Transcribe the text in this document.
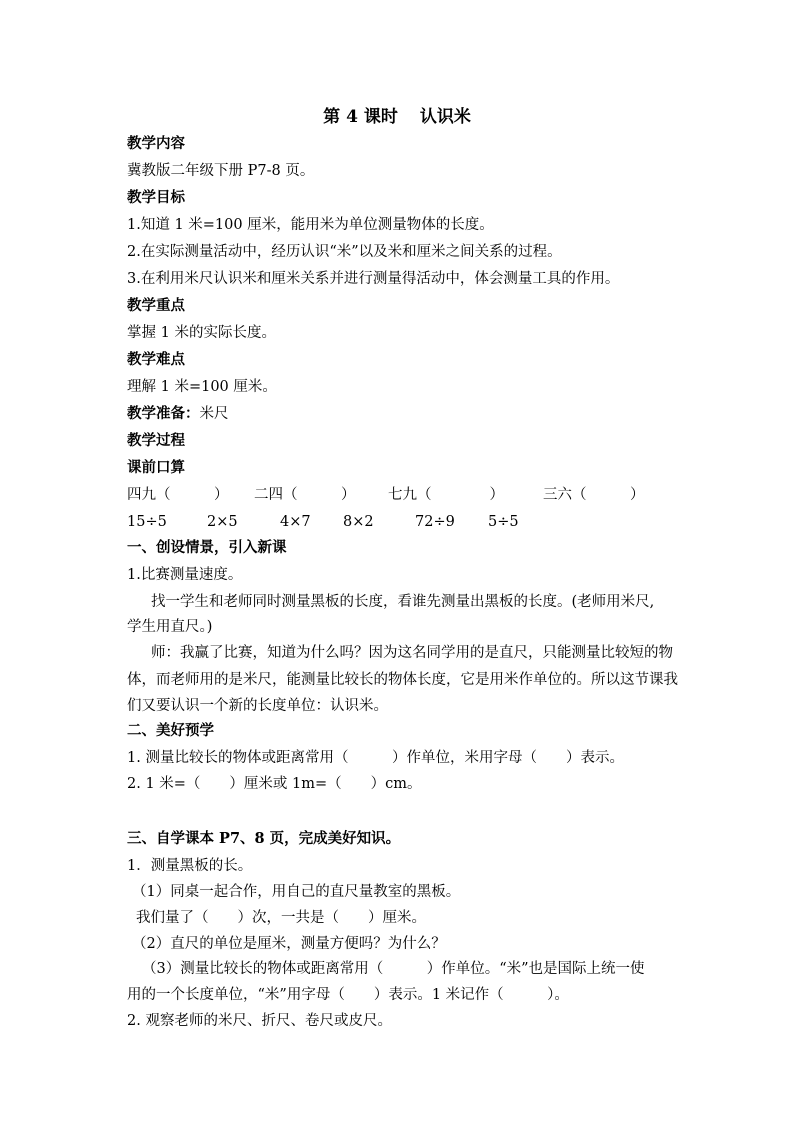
第 4 课时 认识米
教学内容
冀教版二年级下册 P7-8 页。
教学目标
1.知道 1 米=100 厘米，能用米为单位测量物体的长度。
2.在实际测量活动中，经历认识“米”以及米和厘米之间关系的过程。
3.在利用米尺认识米和厘米关系并进行测量得活动中，体会测量工具的作用。
教学重点
掌握 1 米的实际长度。
教学难点
理解 1 米=100 厘米。
教学准备：米尺
教学过程
课前口算
四九（　　　） 二四（　　　） 七九（　　　　）	三六（　　　）
15÷5	2×5	4×7 8×2	72÷9 5÷5
一、创设情景，引入新课
1.比赛测量速度。
找一学生和老师同时测量黑板的长度，看谁先测量出黑板的长度。(老师用米尺,
学生用直尺。)
师：我赢了比赛，知道为什么吗？因为这名同学用的是直尺，只能测量比较短的物
体，而老师用的是米尺，能测量比较长的物体长度，它是用米作单位的。所以这节课我
们又要认识一个新的长度单位：认识米。
二、美好预学
1. 测量比较长的物体或距离常用（　　　）作单位，米用字母（　　）表示。
2. 1 米=（　　）厘米或 1m=（　　）cm。
三、自学课本 P7、8 页，完成美好知识。
1．测量黑板的长。
（1）同桌一起合作，用自己的直尺量教室的黑板。
我们量了（　　）次，一共是（　　）厘米。
（2）直尺的单位是厘米，测量方便吗？为什么？
（3）测量比较长的物体或距离常用（　　　）作单位。“米”也是国际上统一使
用的一个长度单位，“米”用字母（　　）表示。1 米记作（　　　）。
2. 观察老师的米尺、折尺、卷尺或皮尺。
